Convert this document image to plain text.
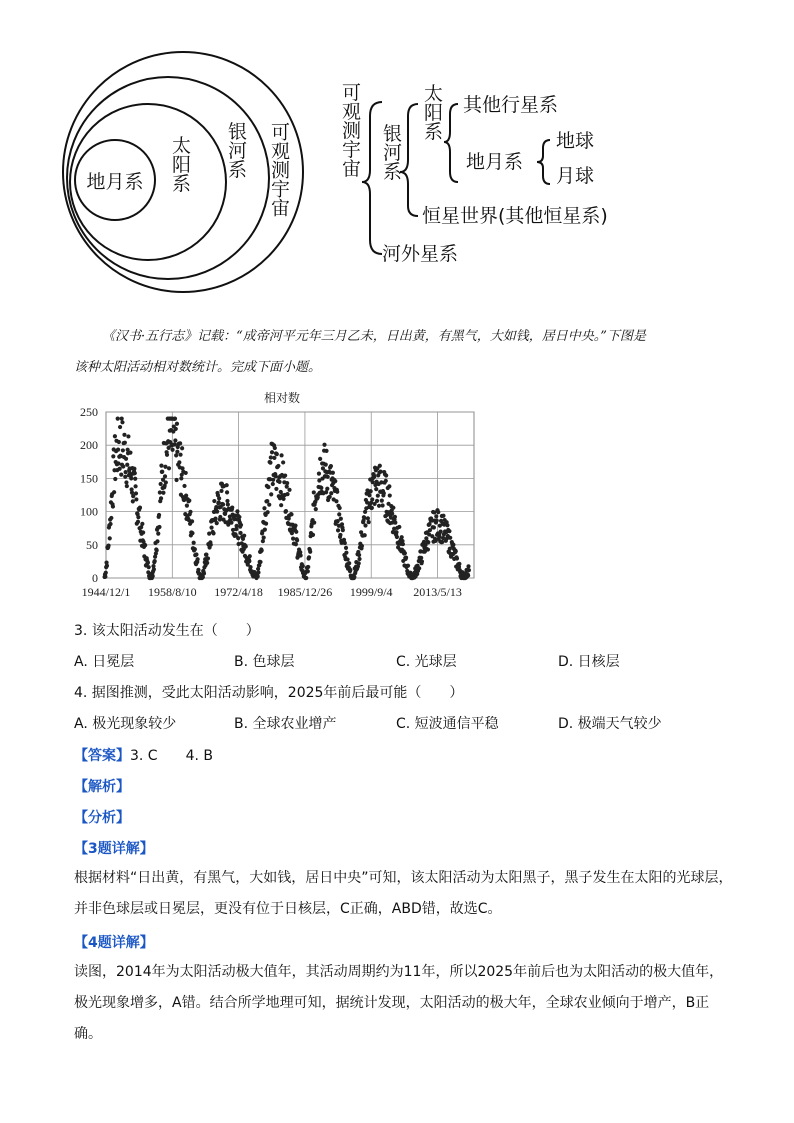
地月系 太阳系 银河系 可观测宇宙	可观测宇宙 银河系
太阳系 其他行星系
地月系
地球
月球
恒星世界(其他恒星系)
河外星系
《汉书·五行志》记载：“成帝河平元年三月乙未，日出黄，有黑气，大如钱，居日中央。”下图是
该种太阳活动相对数统计。完成下面小题。
相对数
250
200
150
100
50
0
1944/12/1 1958/8/10 1972/4/18 1985/12/26 1999/9/4 2013/5/13
3. 该太阳活动发生在（　　）
A. 日冕层	B. 色球层	C. 光球层	D. 日核层
4. 据图推测，受此太阳活动影响，2025年前后最可能（　　）
A. 极光现象较少	B. 全球农业增产	C. 短波通信平稳	D. 极端天气较少
【答案】3. C　　4. B
【解析】
【分析】
【3题详解】
根据材料“日出黄，有黑气，大如钱，居日中央”可知，该太阳活动为太阳黑子，黑子发生在太阳的光球层，并非色球层或日冕层，更没有位于日核层，C正确，ABD错，故选C。
【4题详解】
读图，2014年为太阳活动极大值年，其活动周期约为11年，所以2025年前后也为太阳活动的极大值年，极光现象增多，A错。结合所学地理可知，据统计发现，太阳活动的极大年，全球农业倾向于增产，B正确。
